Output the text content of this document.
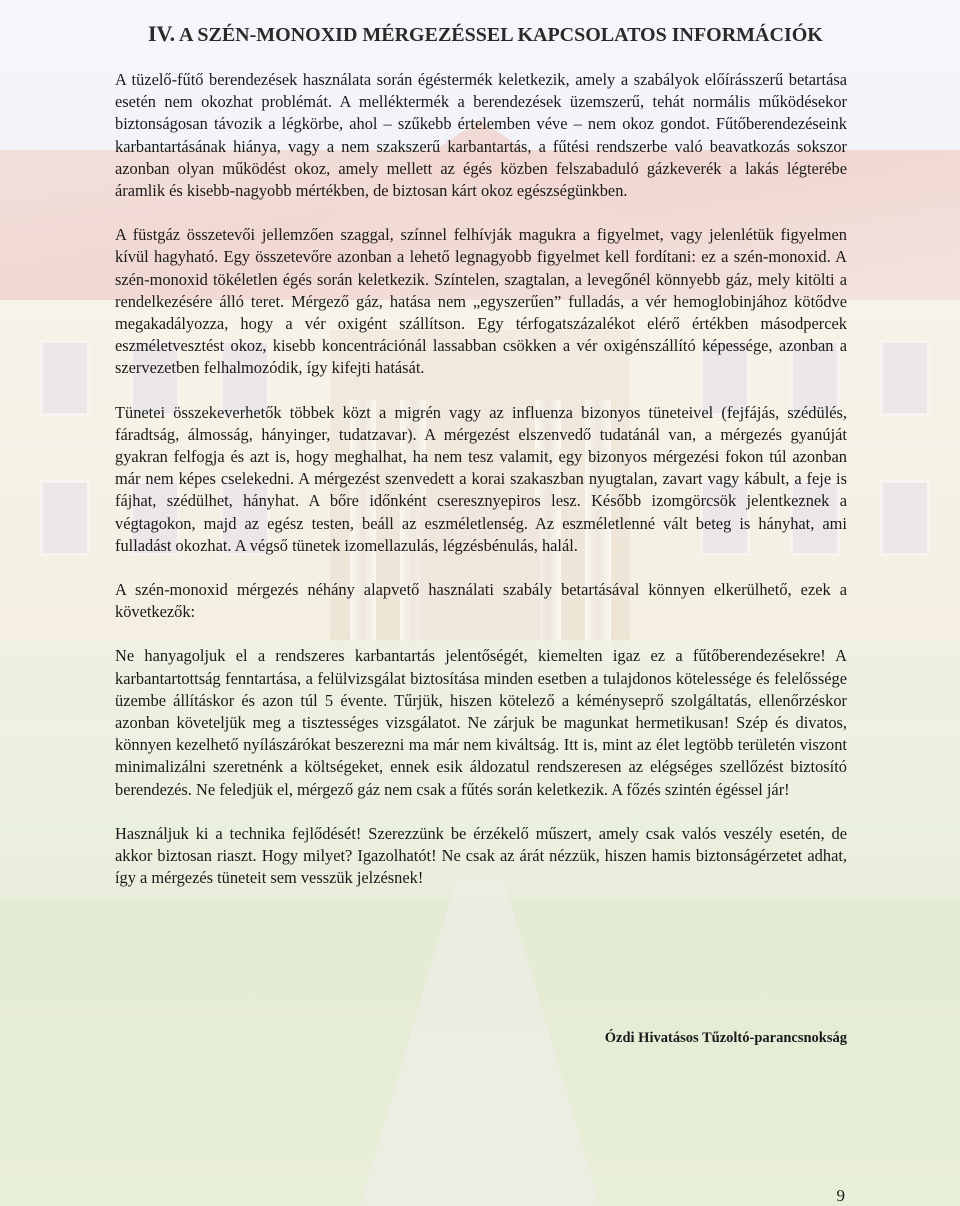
IV. A SZÉN-MONOXID MÉRGEZÉSSEL KAPCSOLATOS INFORMÁCIÓK

A tüzelő-fűtő berendezések használata során égéstermék keletkezik, amely a szabályok előírásszerű betartása esetén nem okozhat problémát. A melléktermék a berendezések üzemszerű, tehát normális működésekor biztonságosan távozik a légkörbe, ahol – szűkebb értelemben véve – nem okoz gondot. Fűtőberendezéseink karbantartásának hiánya, vagy a nem szakszerű karbantartás, a fűtési rendszerbe való beavatkozás sokszor azonban olyan működést okoz, amely mellett az égés közben felszabaduló gázkeverék a lakás légterébe áramlik és kisebb-nagyobb mértékben, de biztosan kárt okoz egészségünkben.

A füstgáz összetevői jellemzően szaggal, színnel felhívják magukra a figyelmet, vagy jelenlétük figyelmen kívül hagyható. Egy összetevőre azonban a lehető legnagyobb figyelmet kell fordítani: ez a szén-monoxid. A szén-monoxid tökéletlen égés során keletkezik. Színtelen, szagtalan, a levegőnél könnyebb gáz, mely kitölti a rendelkezésére álló teret. Mérgező gáz, hatása nem „egyszerűen” fulladás, a vér hemoglobinjához kötődve megakadályozza, hogy a vér oxigént szállítson. Egy térfogatszázalékot elérő értékben másodpercek eszméletvesztést okoz, kisebb koncentrációnál lassabban csökken a vér oxigénszállító képessége, azonban a szervezetben felhalmozódik, így kifejti hatását.

Tünetei összekeverhetők többek közt a migrén vagy az influenza bizonyos tüneteivel (fejfájás, szédülés, fáradtság, álmosság, hányinger, tudatzavar). A mérgezést elszenvedő tudatánál van, a mérgezés gyanúját gyakran felfogja és azt is, hogy meghalhat, ha nem tesz valamit, egy bizonyos mérgezési fokon túl azonban már nem képes cselekedni. A mérgezést szenvedett a korai szakaszban nyugtalan, zavart vagy kábult, a feje is fájhat, szédülhet, hányhat. A bőre időnként cseresznyepiros lesz. Később izomgörcsök jelentkeznek a végtagokon, majd az egész testen, beáll az eszméletlenség. Az eszméletlenné vált beteg is hányhat, ami fulladást okozhat. A végső tünetek izomellazulás, légzésbénulás, halál.

A szén-monoxid mérgezés néhány alapvető használati szabály betartásával könnyen elkerülhető, ezek a következők:

Ne hanyagoljuk el a rendszeres karbantartás jelentőségét, kiemelten igaz ez a fűtőberendezésekre! A karbantartottság fenntartása, a felülvizsgálat biztosítása minden esetben a tulajdonos kötelessége és felelőssége üzembe állításkor és azon túl 5 évente. Tűrjük, hiszen kötelező a kéményseprő szolgáltatás, ellenőrzéskor azonban követeljük meg a tisztességes vizsgálatot. Ne zárjuk be magunkat hermetikusan! Szép és divatos, könnyen kezelhető nyílászárókat beszerezni ma már nem kiváltság. Itt is, mint az élet legtöbb területén viszont minimalizálni szeretnénk a költségeket, ennek esik áldozatul rendszeresen az elégséges szellőzést biztosító berendezés. Ne feledjük el, mérgező gáz nem csak a fűtés során keletkezik. A főzés szintén égéssel jár!

Használjuk ki a technika fejlődését! Szerezzünk be érzékelő műszert, amely csak valós veszély esetén, de akkor biztosan riaszt. Hogy milyet? Igazolhatót! Ne csak az árát nézzük, hiszen hamis biztonságérzetet adhat, így a mérgezés tüneteit sem vesszük jelzésnek!

Ózdi Hivatásos Tűzoltó-parancsnokság
9
